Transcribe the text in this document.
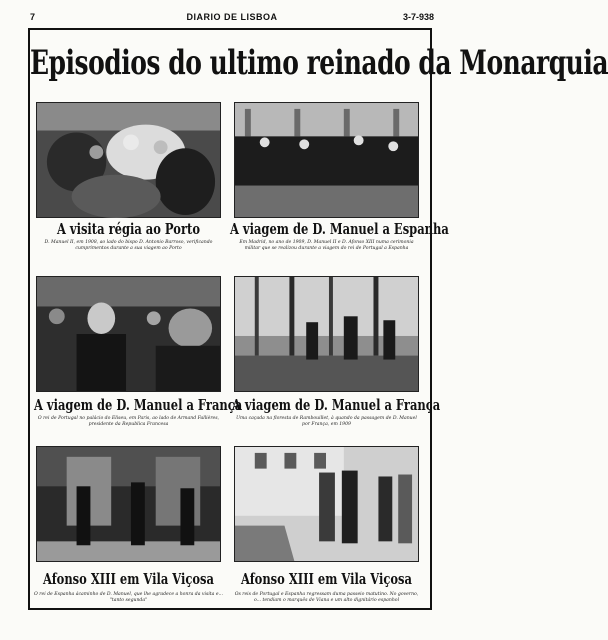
7	DIARIO DE LISBOA	3-7-938
Episodios do ultimo reinado da Monarquia
A visita régia ao Porto
D. Manuel II, em 1908, ao lado do bispo D. Antonio Barroso, verificando cumprimentos durante a sua viagem ao Porto
A viagem de D. Manuel a Espanha
Em Madrid, no ano de 1909, D. Manuel II e D. Afonso XIII numa cerimonia militar que se realizou durante a viagem do rei de Portugal a Espanha
A viagem de D. Manuel a França
O rei de Portugal no palácio do Eliseu, em Paris, ao lado de Armand Fallières, presidente da Republica Francesa
A viagem de D. Manuel a França
Uma caçada na floresta de Rambouillet, à quando da passagem de D. Manuel por França, em 1909
Afonso XIII em Vila Viçosa
O rei de Espanha ácaminho de D. Manuel, que lhe agradece a honra da visita e... "tanto segunda"
Afonso XIII em Vila Viçosa
Os reis de Portugal e Espanha regressam duma passeio matutino. No governo, o... tendiam o marquês de Viana e um alto dignitário espanhol
